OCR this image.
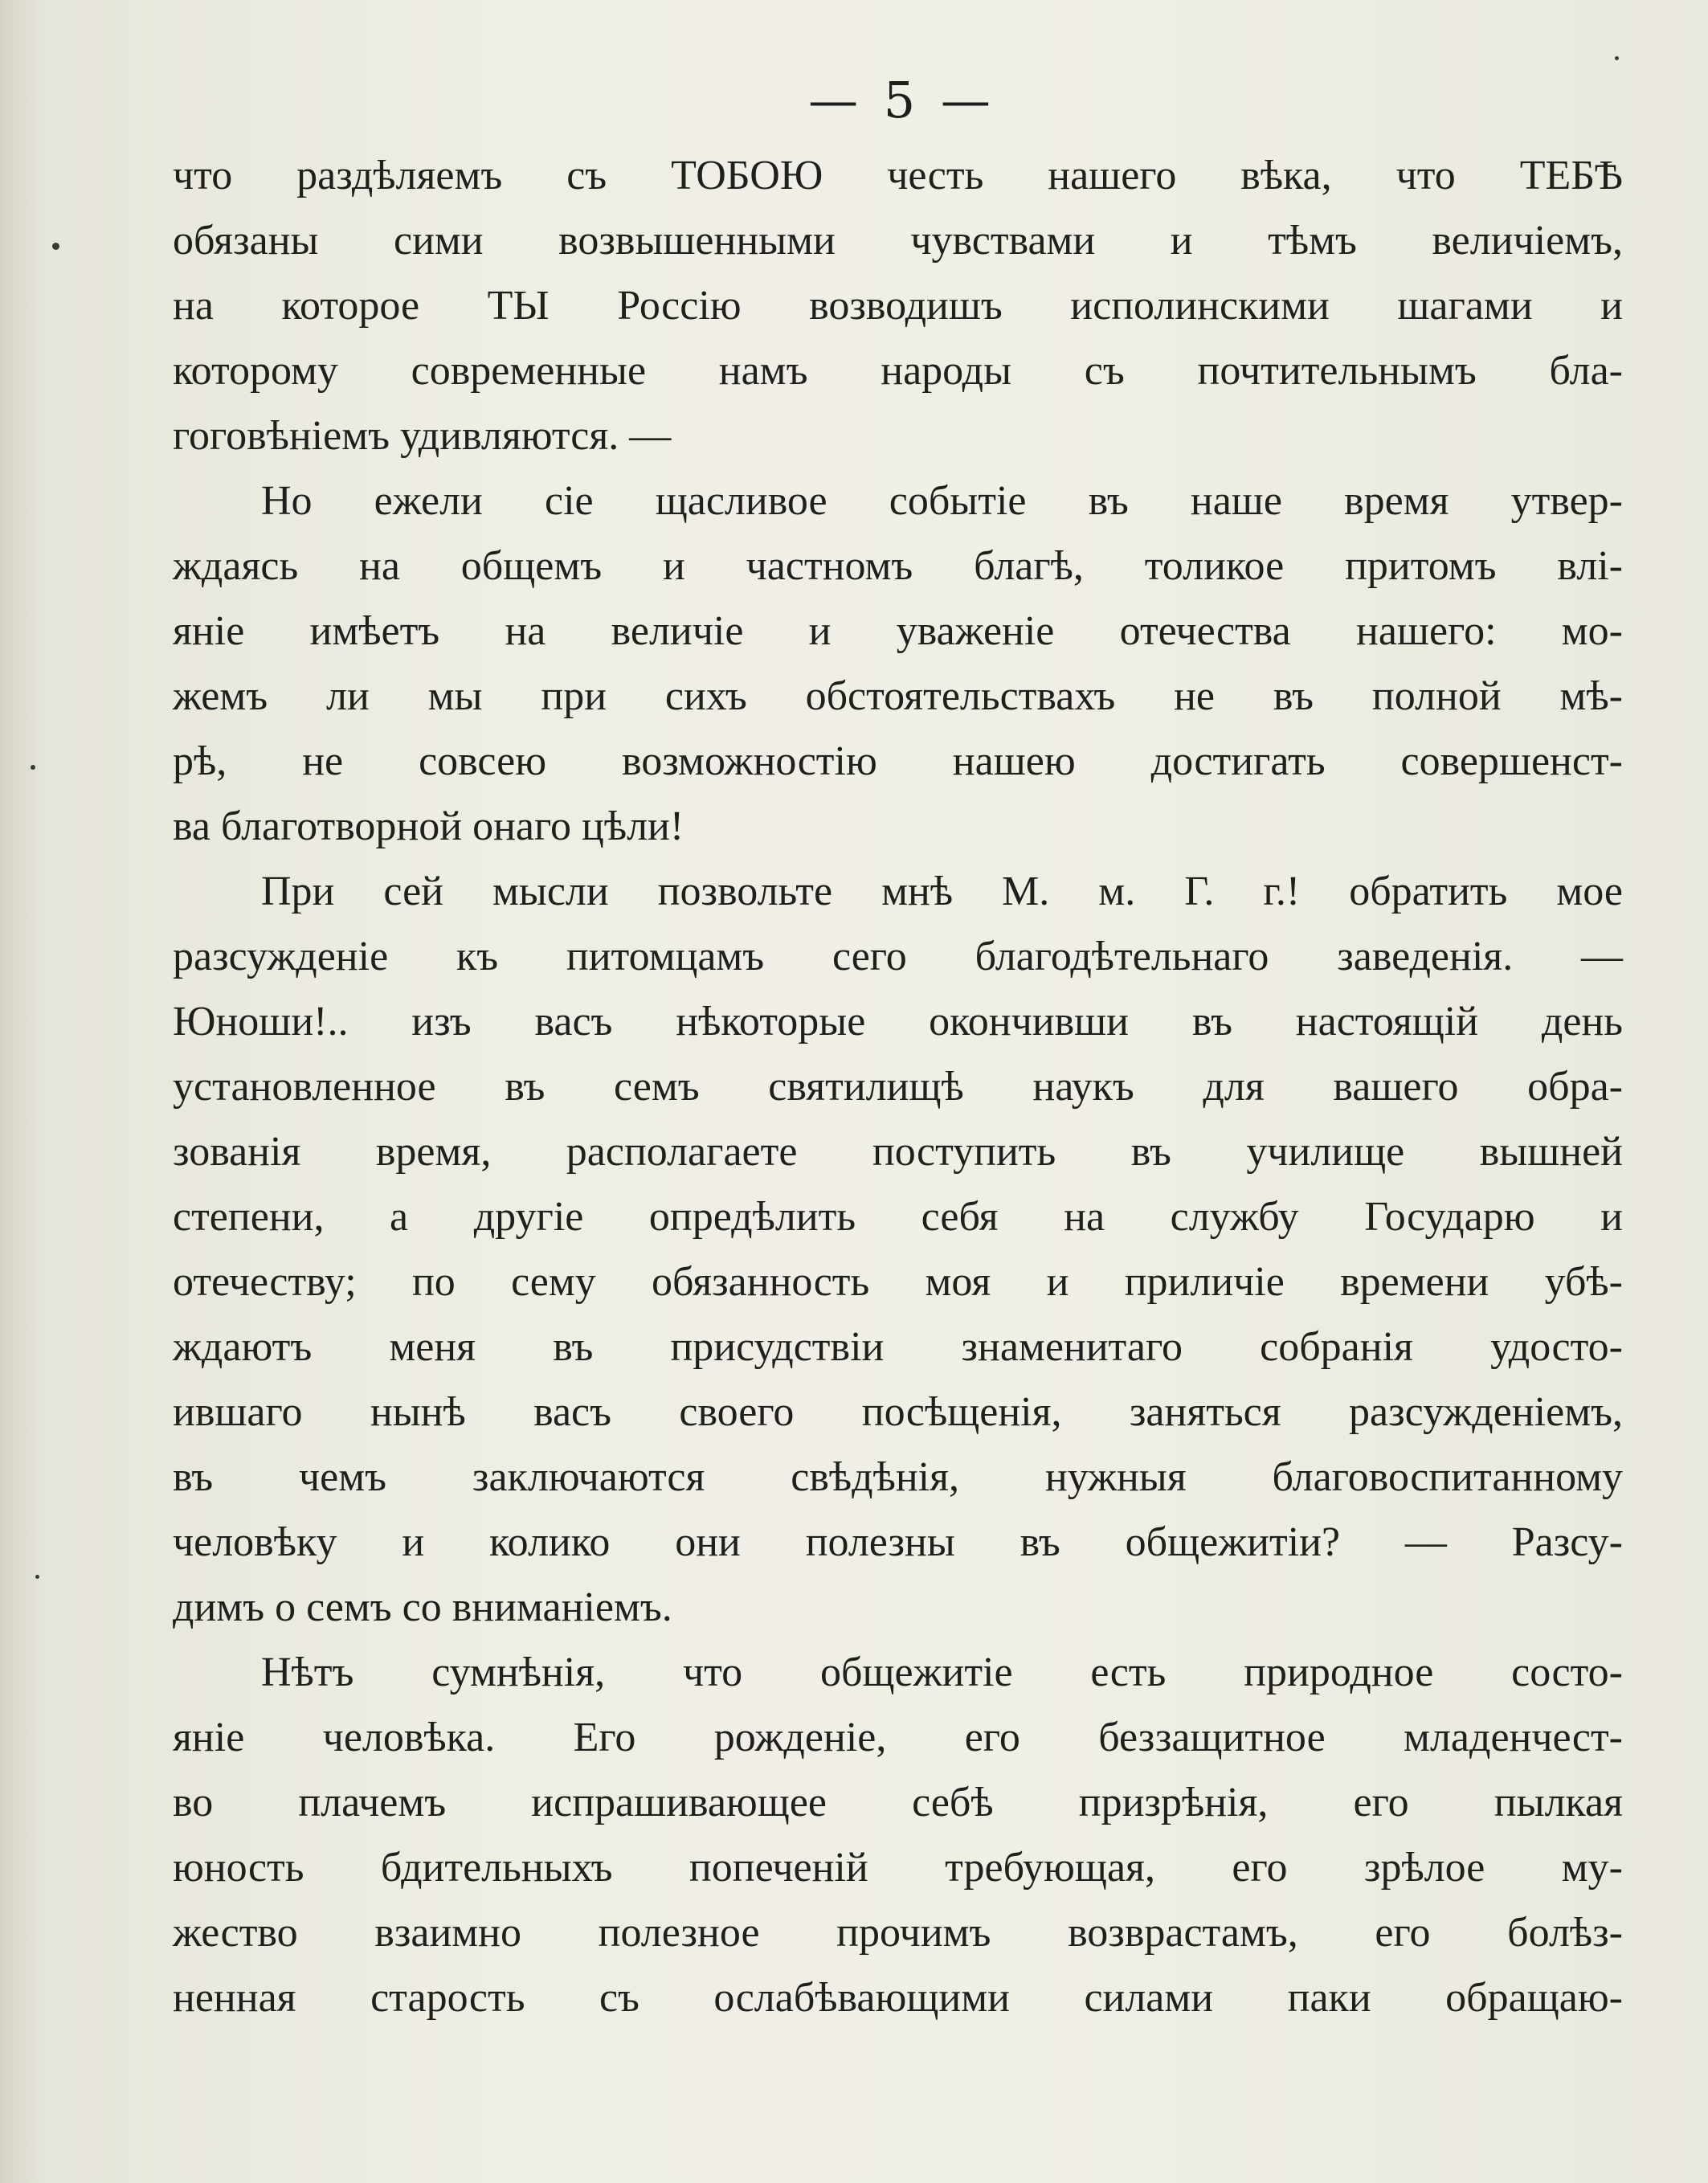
— 5 —
что раздѣляемъ съ ТОБОЮ честь нашего вѣка, что ТЕБѢ
обязаны сими возвышенными чувствами и тѣмъ величіемъ,
на которое ТЫ Россію возводишъ исполинскими шагами и
которому современные намъ народы съ почтительнымъ бла-
гоговѣніемъ удивляются. —
Но ежели сіе щасливое событіе въ наше время утвер-
ждаясь на общемъ и частномъ благѣ, толикое притомъ влі-
яніе имѣетъ на величіе и уваженіе отечества нашего: мо-
жемъ ли мы при сихъ обстоятельствахъ не въ полной мѣ-
рѣ, не совсею возможностію нашею достигать совершенст-
ва благотворной онаго цѣли!
При сей мысли позвольте мнѣ М. м. Г. г.! обратить мое
разсужденіе къ питомцамъ сего благодѣтельнаго заведенія. —
Юноши!.. изъ васъ нѣкоторые окончивши въ настоящій день
установленное въ семъ святилищѣ наукъ для вашего обра-
зованія время, располагаете поступить въ училище вышней
степени, а другіе опредѣлить себя на службу Государю и
отечеству; по сему обязанность моя и приличіе времени убѣ-
ждаютъ меня въ присудствіи знаменитаго собранія удосто-
ившаго нынѣ васъ своего посѣщенія, заняться разсужденіемъ,
въ чемъ заключаются свѣдѣнія, нужныя благовоспитанному
человѣку и колико они полезны въ общежитіи? — Разсу-
димъ о семъ со вниманіемъ.
Нѣтъ сумнѣнія, что общежитіе есть природное состо-
яніе человѣка. Его рожденіе, его беззащитное младенчест-
во плачемъ испрашивающее себѣ призрѣнія, его пылкая
юность бдительныхъ попеченій требующая, его зрѣлое му-
жество взаимно полезное прочимъ возврастамъ, его болѣз-
ненная старость съ ослабѣвающими силами паки обращаю-
